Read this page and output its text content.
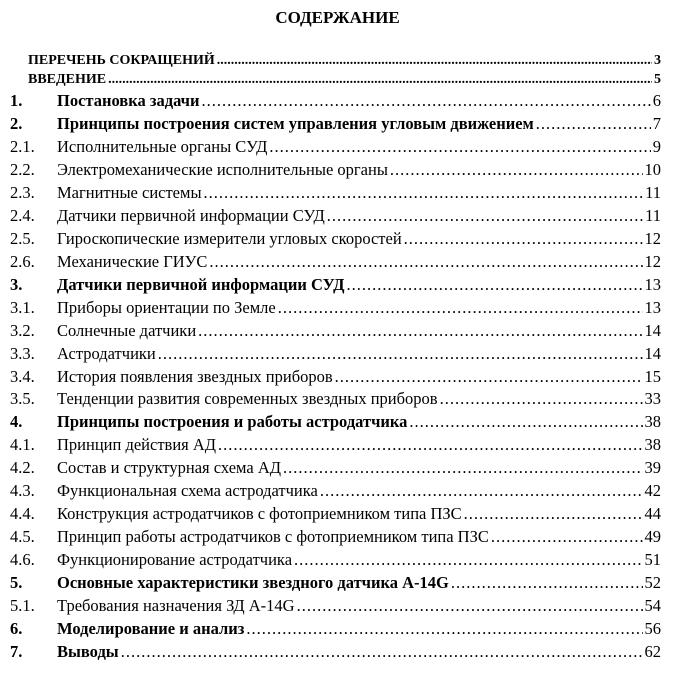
СОДЕРЖАНИЕ
ПЕРЕЧЕНЬ СОКРАЩЕНИЙ .....	3
ВВЕДЕНИЕ .....	5
1.	Постановка задачи .....	6
2.	Принципы построения систем управления угловым движением .....	7
2.1.	Исполнительные органы СУД .....	9
2.2.	Электромеханические исполнительные органы .....	10
2.3.	Магнитные системы .....	11
2.4.	Датчики первичной информации СУД .....	11
2.5.	Гироскопические измерители угловых скоростей .....	12
2.6.	Механические ГИУС .....	12
3.	Датчики первичной информации СУД .....	13
3.1.	Приборы ориентации по Земле .....	13
3.2.	Солнечные датчики .....	14
3.3.	Астродатчики .....	14
3.4.	История появления звездных приборов .....	15
3.5.	Тенденции развития современных звездных приборов .....	33
4.	Принципы построения и работы астродатчика .....	38
4.1.	Принцип действия АД .....	38
4.2.	Состав и структурная схема АД .....	39
4.3.	Функциональная схема астродатчика .....	42
4.4.	Конструкция астродатчиков с фотоприемником типа ПЗС .....	44
4.5.	Принцип работы астродатчиков с фотоприемником типа ПЗС .....	49
4.6.	Функционирование астродатчика .....	51
5.	Основные характеристики звездного датчика А-14G .....	52
5.1.	Требования назначения ЗД А-14G .....	54
6.	Моделирование и анализ .....	56
7.	Выводы .....	62
